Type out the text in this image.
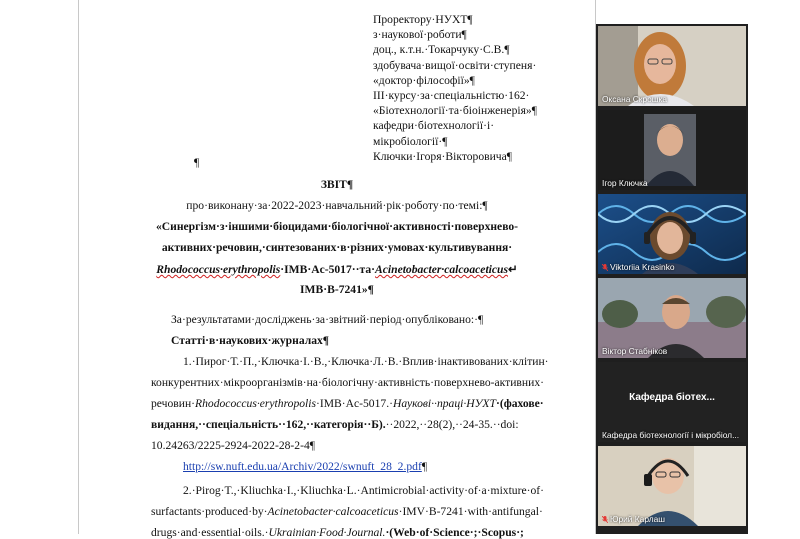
Проректору·НУХТ¶
з·наукової·роботи¶
доц., к.т.н.·Токарчуку·С.В.¶
здобувача·вищої·освіти·ступеня·
«доктор·філософії»¶
ІІІ·курсу·за·спеціальністю·162·
«Біотехнології·та·біоінженерія»¶
кафедри·біотехнології·і·
мікробіології·¶
Ключки·Ігоря·Вікторовича¶
¶
ЗВІТ¶
про·виконану·за·2022-2023·навчальний·рік·роботу·по·темі:¶
«Синергізм·з·іншими·біоцидами·біологічної·активності·поверхнево-
активних·речовин,·синтезованих·в·різних·умовах·культивування·
Rhodococcus·erythropolis·ІМВ·Ac-5017··та·Acinetobacter·calcoaceticus↵
ІМВ·В-7241»¶
За·результатами·досліджень·за·звітний·період·опубліковано:·¶
Статті·в·наукових·журналах¶
1.·Пирог·Т.·П.,·Ключка·І.·В.,·Ключка·Л.·В.·Вплив·інактивованих·клітин·
конкурентних·мікроорганізмів·на·біологічну·активність·поверхнево-активних·
речовин·Rhodococcus·erythropolis·ІМВ·Ac-5017.·Наукові··праці·НУХТ·(фахове·
видання,··спеціальність··162,··категорія··Б).··2022,··28(2),··24-35.··doi:
10.24263/2225-2924-2022-28-2-4¶
http://sw.nuft.edu.ua/Archiv/2022/swnuft_28_2.pdf¶
2.·Pirog·T.,·Kliuchka·I.,·Kliuchka·L.·Antimicrobial·activity·of·a·mixture·of·
surfactants·produced·by·Acinetobacter·calcoaceticus·IMV·B-7241·with·antifungal·
drugs·and·essential·oils.·Ukrainian·Food·Journal.·(Web·of·Science·;·Scopus·;
Оксана Скрошка
Ігор Ключка
Viktoriia Krasinko
Віктор Стабніков
Кафедра біотех...
Кафедра біотехнології і мікробіол...
Юрий Карлаш
